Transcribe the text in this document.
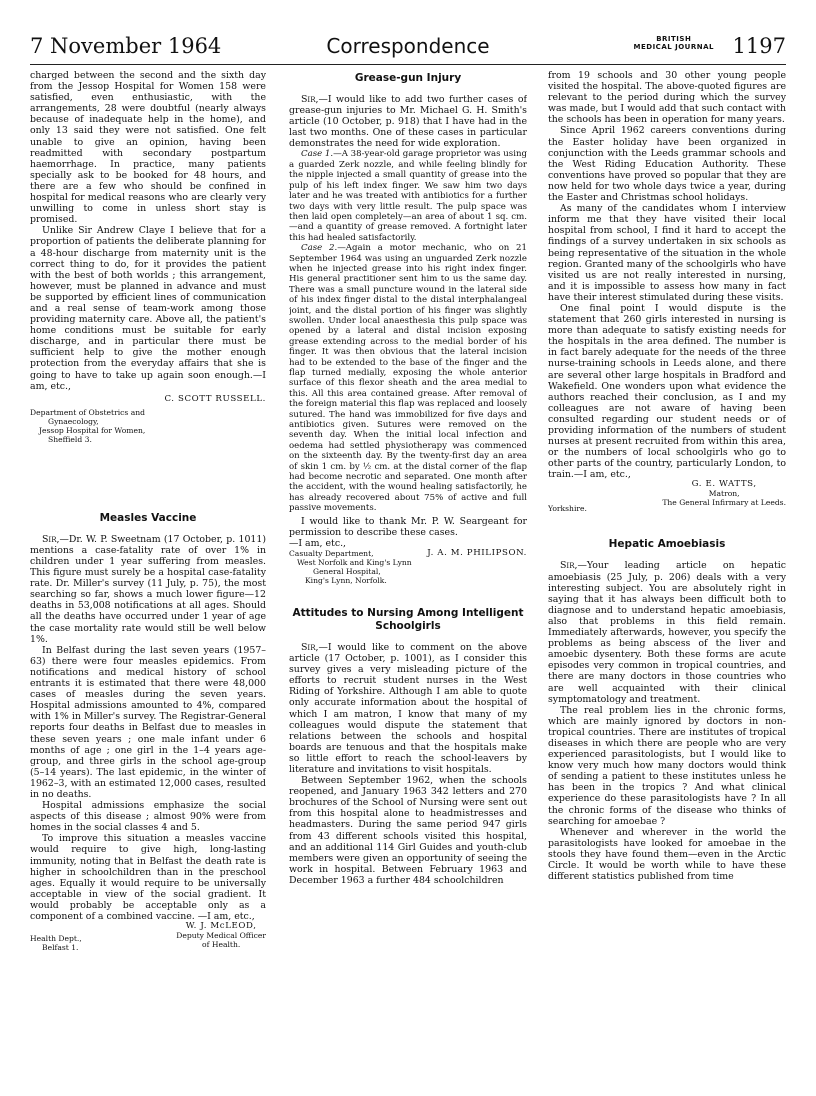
7 November 1964	Correspondence	BRITISH
MEDICAL JOURNAL 1197

charged between the second and the sixth day from the Jessop Hospital for Women 158 were satisfied, even enthusiastic, with the arrangements, 28 were doubtful (nearly always because of inadequate help in the home), and only 13 said they were not satisfied. One felt unable to give an opinion, having been readmitted with secondary postpartum haemorrhage. In practice, many patients specially ask to be booked for 48 hours, and there are a few who should be confined in hospital for medical reasons who are clearly very unwilling to come in unless short stay is promised.

Unlike Sir Andrew Claye I believe that for a proportion of patients the deliberate planning for a 48-hour discharge from maternity unit is the correct thing to do, for it provides the patient with the best of both worlds ; this arrangement, however, must be planned in advance and must be supported by efficient lines of communication and a real sense of team-work among those providing maternity care. Above all, the patient's home conditions must be suitable for early discharge, and in particular there must be sufficient help to give the mother enough protection from the everyday affairs that she is going to have to take up again soon enough.—I am, etc.,

C. SCOTT RUSSELL.
Department of Obstetrics and
Gynaecology,
Jessop Hospital for Women,
Sheffield 3.
Measles Vaccine

Sir,—Dr. W. P. Sweetnam (17 October, p. 1011) mentions a case-fatality rate of over 1% in children under 1 year suffering from measles. This figure must surely be a hospital case-fatality rate. Dr. Miller's survey (11 July, p. 75), the most searching so far, shows a much lower figure—12 deaths in 53,008 notifications at all ages. Should all the deaths have occurred under 1 year of age the case mortality rate would still be well below 1%.

In Belfast during the last seven years (1957–63) there were four measles epidemics. From notifications and medical history of school entrants it is estimated that there were 48,000 cases of measles during the seven years. Hospital admissions amounted to 4%, compared with 1% in Miller's survey. The Registrar-General reports four deaths in Belfast due to measles in these seven years ; one male infant under 6 months of age ; one girl in the 1–4 years age-group, and three girls in the school age-group (5–14 years). The last epidemic, in the winter of 1962–3, with an estimated 12,000 cases, resulted in no deaths.

Hospital admissions emphasize the social aspects of this disease ; almost 90% were from homes in the social classes 4 and 5.

To improve this situation a measles vaccine would require to give high, long-lasting immunity, noting that in Belfast the death rate is higher in schoolchildren than in the preschool ages. Equally it would require to be universally acceptable in view of the social gradient. It would probably be acceptable only as a component of a combined vaccine. —I am, etc.,

Health Dept.,
Belfast 1.
W. J. McLEOD,
Deputy Medical Officer
of Health.
Grease-gun Injury

Sir,—I would like to add two further cases of grease-gun injuries to Mr. Michael G. H. Smith's article (10 October, p. 918) that I have had in the last two months. One of these cases in particular demonstrates the need for wide exploration.

Case 1.—A 38-year-old garage proprietor was using a guarded Zerk nozzle, and while feeling blindly for the nipple injected a small quantity of grease into the pulp of his left index finger. We saw him two days later and he was treated with antibiotics for a further two days with very little result. The pulp space was then laid open completely—an area of about 1 sq. cm.—and a quantity of grease removed. A fortnight later this had healed satisfactorily.

Case 2.—Again a motor mechanic, who on 21 September 1964 was using an unguarded Zerk nozzle when he injected grease into his right index finger. His general practitioner sent him to us the same day. There was a small puncture wound in the lateral side of his index finger distal to the distal interphalangeal joint, and the distal portion of his finger was slightly swollen. Under local anaesthesia this pulp space was opened by a lateral and distal incision exposing grease extending across to the medial border of his finger. It was then obvious that the lateral incision had to be extended to the base of the finger and the flap turned medially, exposing the whole anterior surface of this flexor sheath and the area medial to this. All this area contained grease. After removal of the foreign material this flap was replaced and loosely sutured. The hand was immobilized for five days and antibiotics given. Sutures were removed on the seventh day. When the initial local infection and oedema had settled physiotherapy was commenced on the sixteenth day. By the twenty-first day an area of skin 1 cm. by ½ cm. at the distal corner of the flap had become necrotic and separated. One month after the accident, with the wound healing satisfactorily, he has already recovered about 75% of active and full passive movements.

I would like to thank Mr. P. W. Seargeant for permission to describe these cases.

—I am, etc.,

Casualty Department,
West Norfolk and King's Lynn
General Hospital,
King's Lynn, Norfolk.
J. A. M. PHILIPSON.
Attitudes to Nursing Among Intelligent
Schoolgirls

Sir,—I would like to comment on the above article (17 October, p. 1001), as I consider this survey gives a very misleading picture of the efforts to recruit student nurses in the West Riding of Yorkshire. Although I am able to quote only accurate information about the hospital of which I am matron, I know that many of my colleagues would dispute the statement that relations between the schools and hospital boards are tenuous and that the hospitals make so little effort to reach the school-leavers by literature and invitations to visit hospitals.

Between September 1962, when the schools reopened, and January 1963 342 letters and 270 brochures of the School of Nursing were sent out from this hospital alone to headmistresses and headmasters. During the same period 947 girls from 43 different schools visited this hospital, and an additional 114 Girl Guides and youth-club members were given an opportunity of seeing the work in hospital. Between February 1963 and December 1963 a further 484 schoolchildren

from 19 schools and 30 other young people visited the hospital. The above-quoted figures are relevant to the period during which the survey was made, but I would add that such contact with the schools has been in operation for many years.

Since April 1962 careers conventions during the Easter holiday have been organized in conjunction with the Leeds grammar schools and the West Riding Education Authority. These conventions have proved so popular that they are now held for two whole days twice a year, during the Easter and Christmas school holidays.

As many of the candidates whom I interview inform me that they have visited their local hospital from school, I find it hard to accept the findings of a survey undertaken in six schools as being representative of the situation in the whole region. Granted many of the schoolgirls who have visited us are not really interested in nursing, and it is impossible to assess how many in fact have their interest stimulated during these visits.

One final point I would dispute is the statement that 260 girls interested in nursing is more than adequate to satisfy existing needs for the hospitals in the area defined. The number is in fact barely adequate for the needs of the three nurse-training schools in Leeds alone, and there are several other large hospitals in Bradford and Wakefield. One wonders upon what evidence the authors reached their conclusion, as I and my colleagues are not aware of having been consulted regarding our student needs or of providing information of the numbers of student nurses at present recruited from within this area, or the numbers of local schoolgirls who go to other parts of the country, particularly London, to train.—I am, etc.,

Yorkshire.
G. E. WATTS,
Matron,
The General Infirmary at Leeds.
Hepatic Amoebiasis

Sir,—Your leading article on hepatic amoebiasis (25 July, p. 206) deals with a very interesting subject. You are absolutely right in saying that it has always been difficult both to diagnose and to understand hepatic amoebiasis, also that problems in this field remain. Immediately afterwards, however, you specify the problems as being abscess of the liver and amoebic dysentery. Both these forms are acute episodes very common in tropical countries, and there are many doctors in those countries who are well acquainted with their clinical symptomatology and treatment.

The real problem lies in the chronic forms, which are mainly ignored by doctors in non-tropical countries. There are institutes of tropical diseases in which there are people who are very experienced parasitologists, but I would like to know very much how many doctors would think of sending a patient to these institutes unless he has been in the tropics ? And what clinical experience do these parasitologists have ? In all the chronic forms of the disease who thinks of searching for amoebae ?

Whenever and wherever in the world the parasitologists have looked for amoebae in the stools they have found them—even in the Arctic Circle. It would be worth while to have these different statistics published from time
